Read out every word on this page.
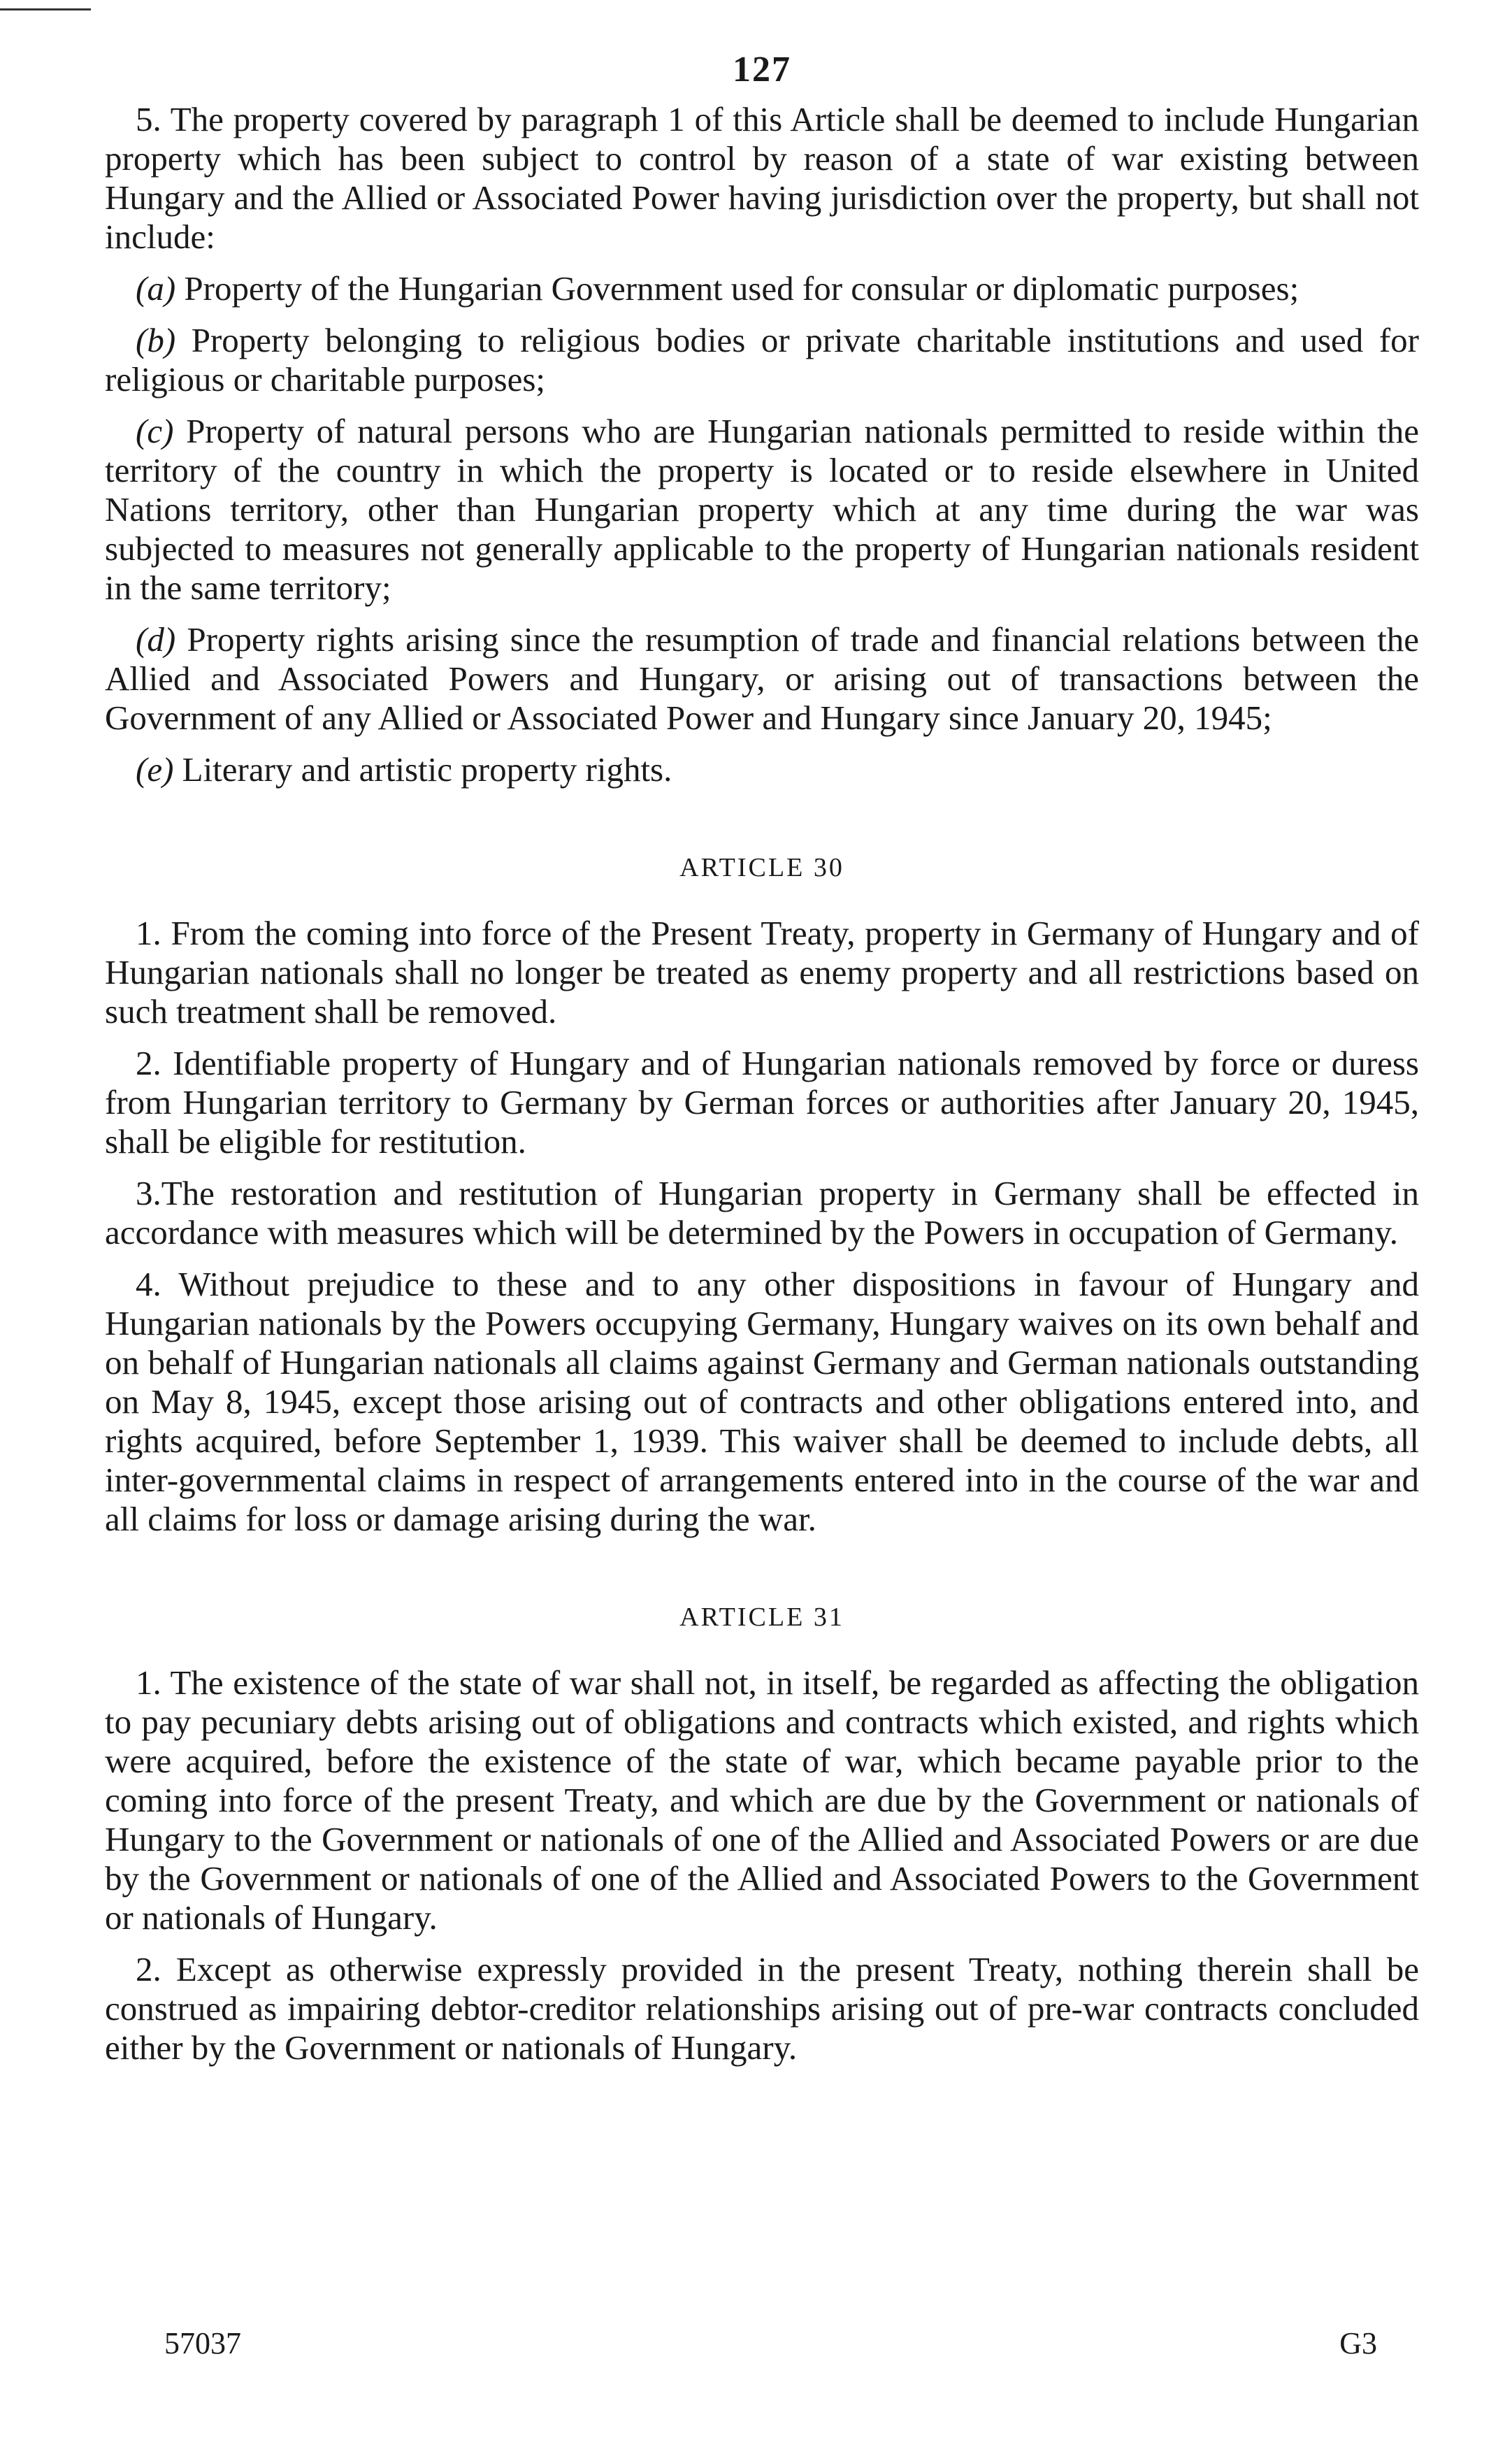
127

5. The property covered by paragraph 1 of this Article shall be deemed to include Hungarian property which has been subject to control by reason of a state of war existing between Hungary and the Allied or Associated Power having jurisdiction over the property, but shall not include:

(a) Property of the Hungarian Government used for consular or diplomatic purposes;

(b) Property belonging to religious bodies or private charitable institutions and used for religious or charitable purposes;

(c) Property of natural persons who are Hungarian nationals permitted to reside within the territory of the country in which the property is located or to reside elsewhere in United Nations territory, other than Hungarian property which at any time during the war was subjected to measures not generally applicable to the property of Hungarian nationals resident in the same territory;

(d) Property rights arising since the resumption of trade and financial relations between the Allied and Associated Powers and Hungary, or arising out of transactions between the Government of any Allied or Associated Power and Hungary since January 20, 1945;

(e) Literary and artistic property rights.

ARTICLE 30

1. From the coming into force of the Present Treaty, property in Germany of Hungary and of Hungarian nationals shall no longer be treated as enemy property and all restrictions based on such treatment shall be removed.

2. Identifiable property of Hungary and of Hungarian nationals removed by force or duress from Hungarian territory to Germany by German forces or authorities after January 20, 1945, shall be eligible for restitution.

3.The restoration and restitution of Hungarian property in Germany shall be effected in accordance with measures which will be determined by the Powers in occupation of Germany.

4. Without prejudice to these and to any other dispositions in favour of Hungary and Hungarian nationals by the Powers occupying Germany, Hungary waives on its own behalf and on behalf of Hungarian nationals all claims against Germany and German nationals outstanding on May 8, 1945, except those arising out of contracts and other obligations entered into, and rights acquired, before September 1, 1939. This waiver shall be deemed to include debts, all inter-governmental claims in respect of arrangements entered into in the course of the war and all claims for loss or damage arising during the war.

ARTICLE 31

1. The existence of the state of war shall not, in itself, be regarded as affecting the obligation to pay pecuniary debts arising out of obligations and contracts which existed, and rights which were acquired, before the existence of the state of war, which became payable prior to the coming into force of the present Treaty, and which are due by the Government or nationals of Hungary to the Government or nationals of one of the Allied and Associated Powers or are due by the Government or nationals of one of the Allied and Associated Powers to the Government or nationals of Hungary.

2. Except as otherwise expressly provided in the present Treaty, nothing therein shall be construed as impairing debtor-creditor relationships arising out of pre-war contracts concluded either by the Government or nationals of Hungary.

57037	G3
